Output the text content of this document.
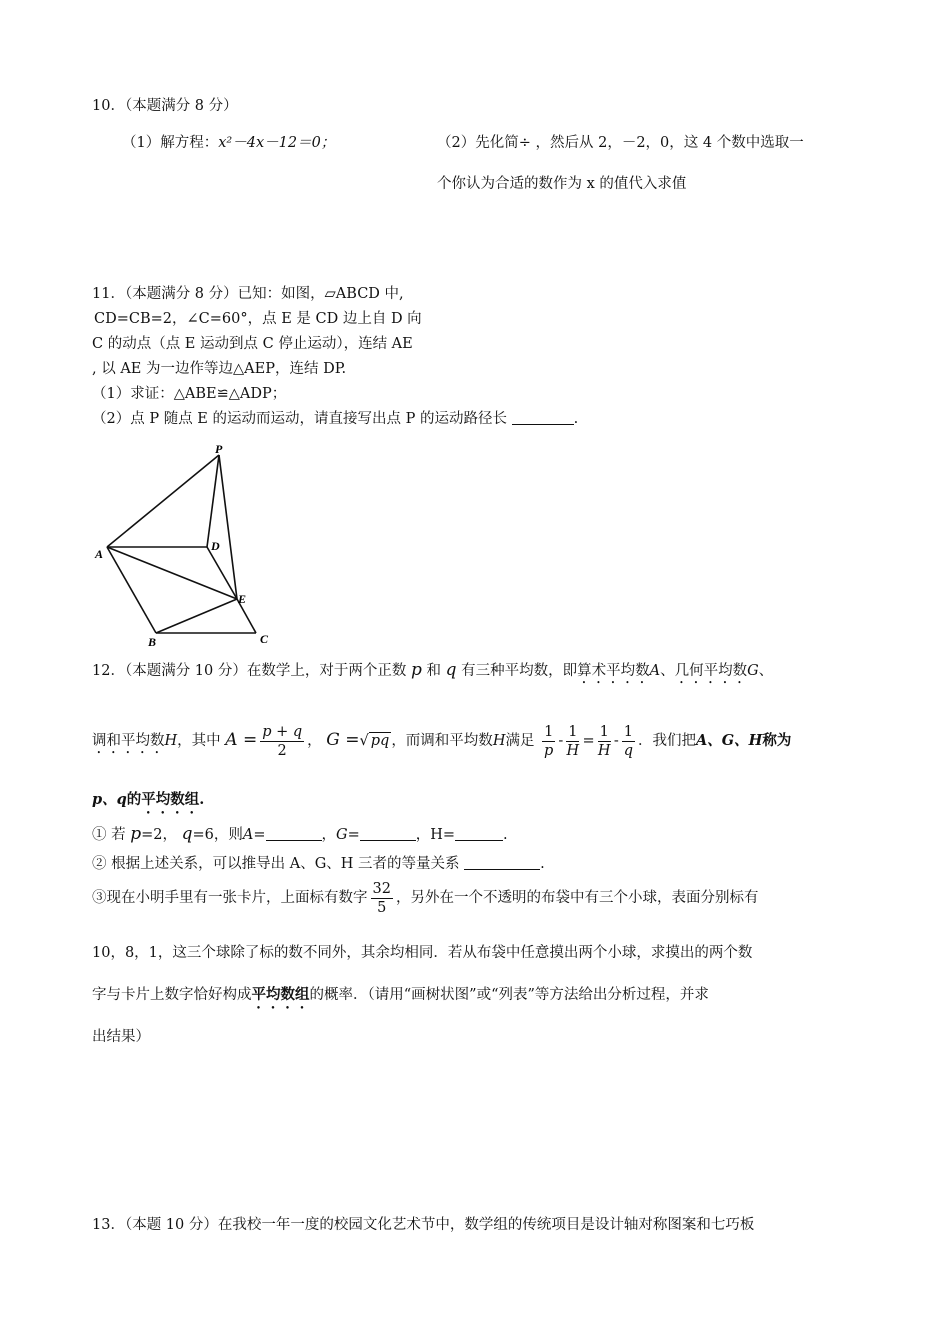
10．（本题满分 8 分）
（1）解方程：x²－4x－12＝0；	（2）先化简÷ ，然后从 2，－2，0，这 4 个数中选取一
个你认为合适的数作为 x 的值代入求值
11．（本题满分 8 分）已知：如图，▱ABCD 中,
CD=CB=2，∠C=60°，点 E 是 CD 边上自 D 向
C 的动点（点 E 运动到点 C 停止运动），连结 AE
, 以 AE 为一边作等边△AEP，连结 DP.
（1）求证：△ABE≌△ADP；
（2）点 P 随点 E 的运动而运动，请直接写出点 P 的运动路径长	.
P
A
D
E
B	C
12．（本题满分 10 分）在数学上，对于两个正数 p 和 q 有三种平均数，即算术平均数A、几何平均数G、
调和平均数H，其中 $A = \frac{p + q}{2}$ ， G =√ pq ，而调和平均数H满足 $\frac{1}{p} - \frac{1}{H} = \frac{1}{H} - \frac{1}{q}$ ．我们把A、G、H称为
p、q的平均数组.
① 若 p=2， q=6，则A=	，G=	，H=	.
② 根据上述关系，可以推导出 A、G、H 三者的等量关系	.
③现在小明手里有一张卡片，上面标有数字 $\frac{32}{5}$ ，另外在一个不透明的布袋中有三个小球，表面分别标有
10，8，1，这三个球除了标的数不同外，其余均相同．若从布袋中任意摸出两个小球，求摸出的两个数
字与卡片上数字恰好构成平均数组的概率．（请用“画树状图”或“列表”等方法给出分析过程，并求
出结果）
13．（本题 10 分）在我校一年一度的校园文化艺术节中，数学组的传统项目是设计轴对称图案和七巧板
